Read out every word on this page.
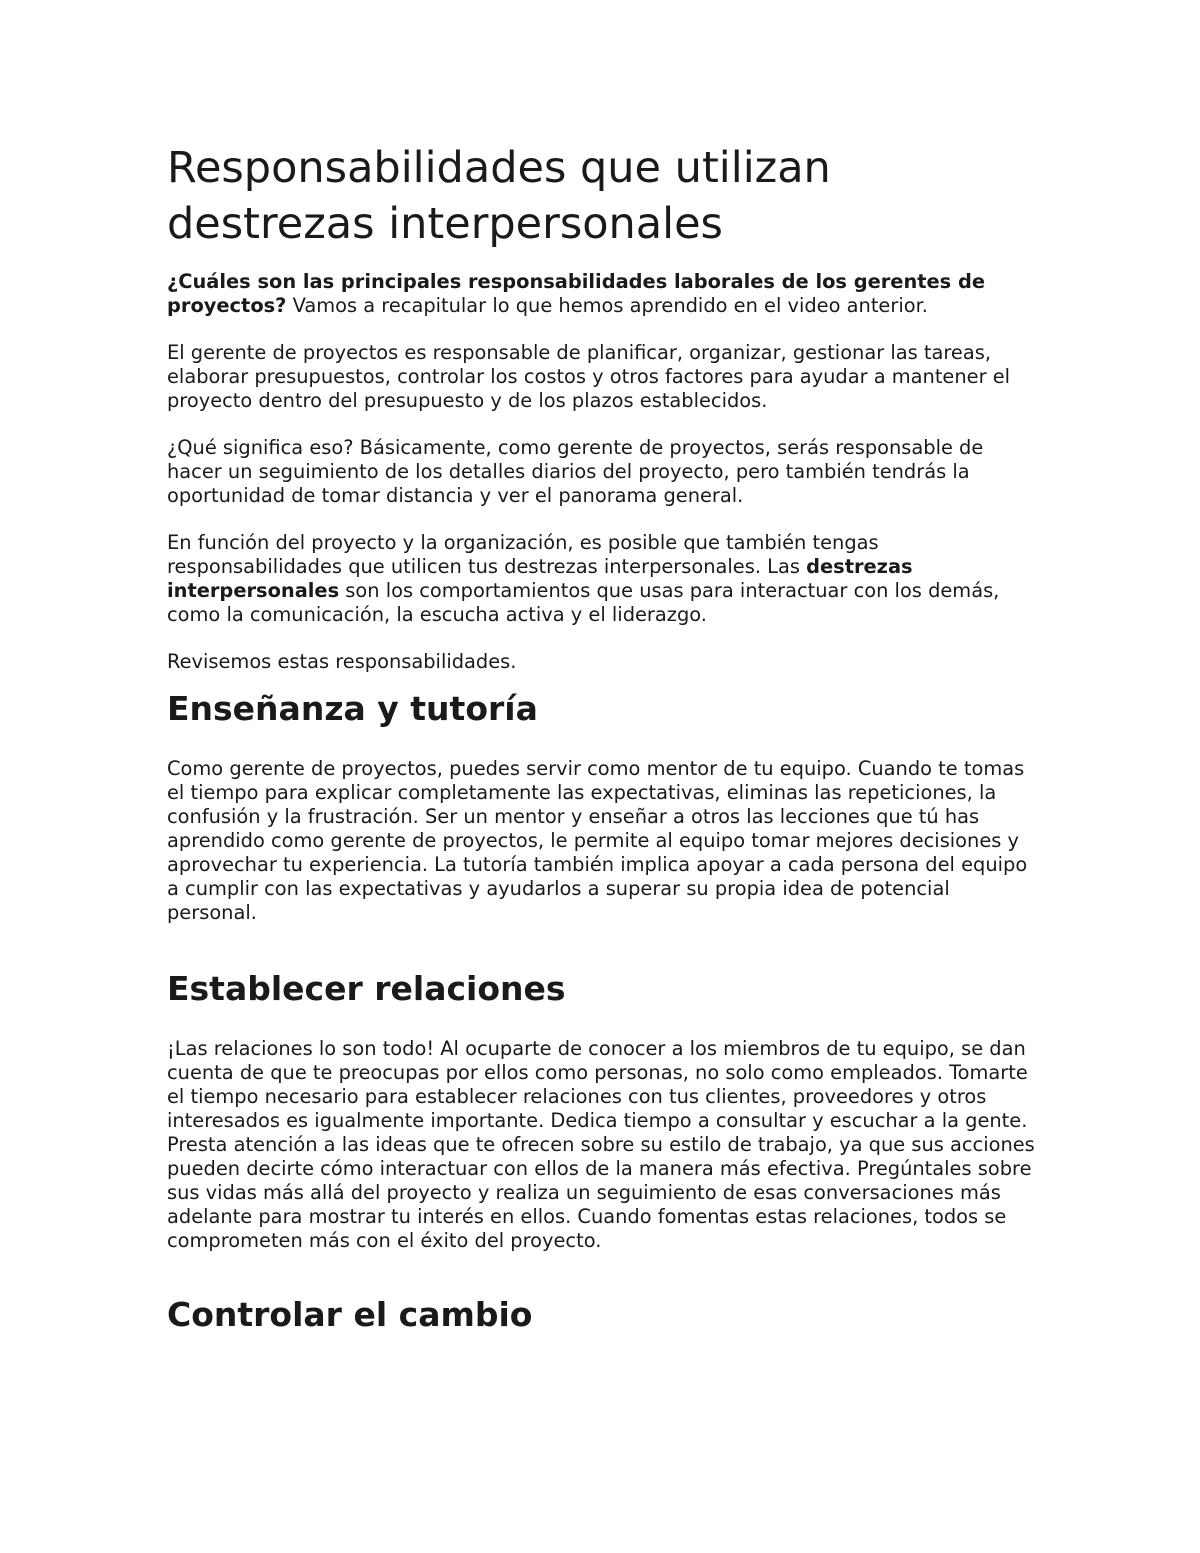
Responsabilidades que utilizan destrezas interpersonales

¿Cuáles son las principales responsabilidades laborales de los gerentes de proyectos? Vamos a recapitular lo que hemos aprendido en el video anterior.

El gerente de proyectos es responsable de planificar, organizar, gestionar las tareas, elaborar presupuestos, controlar los costos y otros factores para ayudar a mantener el proyecto dentro del presupuesto y de los plazos establecidos.

¿Qué significa eso? Básicamente, como gerente de proyectos, serás responsable de hacer un seguimiento de los detalles diarios del proyecto, pero también tendrás la oportunidad de tomar distancia y ver el panorama general.

En función del proyecto y la organización, es posible que también tengas responsabilidades que utilicen tus destrezas interpersonales. Las destrezas interpersonales son los comportamientos que usas para interactuar con los demás, como la comunicación, la escucha activa y el liderazgo.

Revisemos estas responsabilidades.

Enseñanza y tutoría

Como gerente de proyectos, puedes servir como mentor de tu equipo. Cuando te tomas el tiempo para explicar completamente las expectativas, eliminas las repeticiones, la confusión y la frustración. Ser un mentor y enseñar a otros las lecciones que tú has aprendido como gerente de proyectos, le permite al equipo tomar mejores decisiones y aprovechar tu experiencia. La tutoría también implica apoyar a cada persona del equipo a cumplir con las expectativas y ayudarlos a superar su propia idea de potencial personal.

Establecer relaciones

¡Las relaciones lo son todo! Al ocuparte de conocer a los miembros de tu equipo, se dan cuenta de que te preocupas por ellos como personas, no solo como empleados. Tomarte el tiempo necesario para establecer relaciones con tus clientes, proveedores y otros interesados es igualmente importante. Dedica tiempo a consultar y escuchar a la gente. Presta atención a las ideas que te ofrecen sobre su estilo de trabajo, ya que sus acciones pueden decirte cómo interactuar con ellos de la manera más efectiva. Pregúntales sobre sus vidas más allá del proyecto y realiza un seguimiento de esas conversaciones más adelante para mostrar tu interés en ellos. Cuando fomentas estas relaciones, todos se comprometen más con el éxito del proyecto.

Controlar el cambio
